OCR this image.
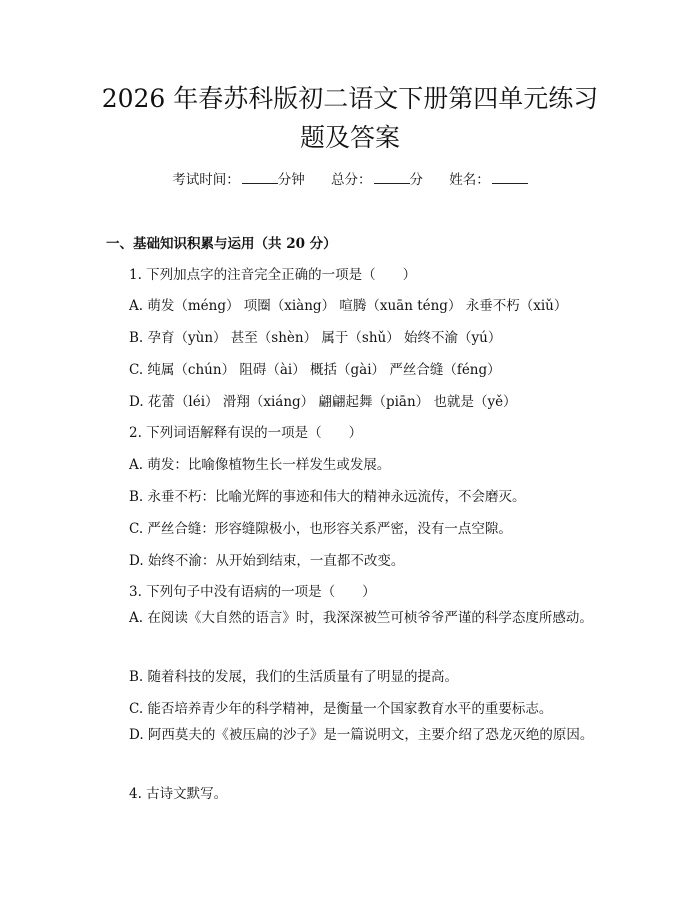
2026 年春苏科版初二语文下册第四单元练习
题及答案
考试时间：	分钟 总分：	分 姓名：
一、基础知识积累与运用（共 20 分）
1. 下列加点字的注音完全正确的一项是（　　）
A. 萌发（méng） 项圈（xiàng） 喧腾（xuān téng） 永垂不朽（xiǔ）
B. 孕育（yùn） 甚至（shèn） 属于（shǔ） 始终不渝（yú）
C. 纯属（chún） 阻碍（ài） 概括（gài） 严丝合缝（féng）
D. 花蕾（léi） 滑翔（xiáng） 翩翩起舞（piān） 也就是（yě）
2. 下列词语解释有误的一项是（　　）
A. 萌发：比喻像植物生长一样发生或发展。
B. 永垂不朽：比喻光辉的事迹和伟大的精神永远流传，不会磨灭。
C. 严丝合缝：形容缝隙极小，也形容关系严密，没有一点空隙。
D. 始终不渝：从开始到结束，一直都不改变。
3. 下列句子中没有语病的一项是（　　）
A. 在阅读《大自然的语言》时，我深深被竺可桢爷爷严谨的科学态度所感动。
B. 随着科技的发展，我们的生活质量有了明显的提高。
C. 能否培养青少年的科学精神，是衡量一个国家教育水平的重要标志。
D. 阿西莫夫的《被压扁的沙子》是一篇说明文，主要介绍了恐龙灭绝的原因。
4. 古诗文默写。
